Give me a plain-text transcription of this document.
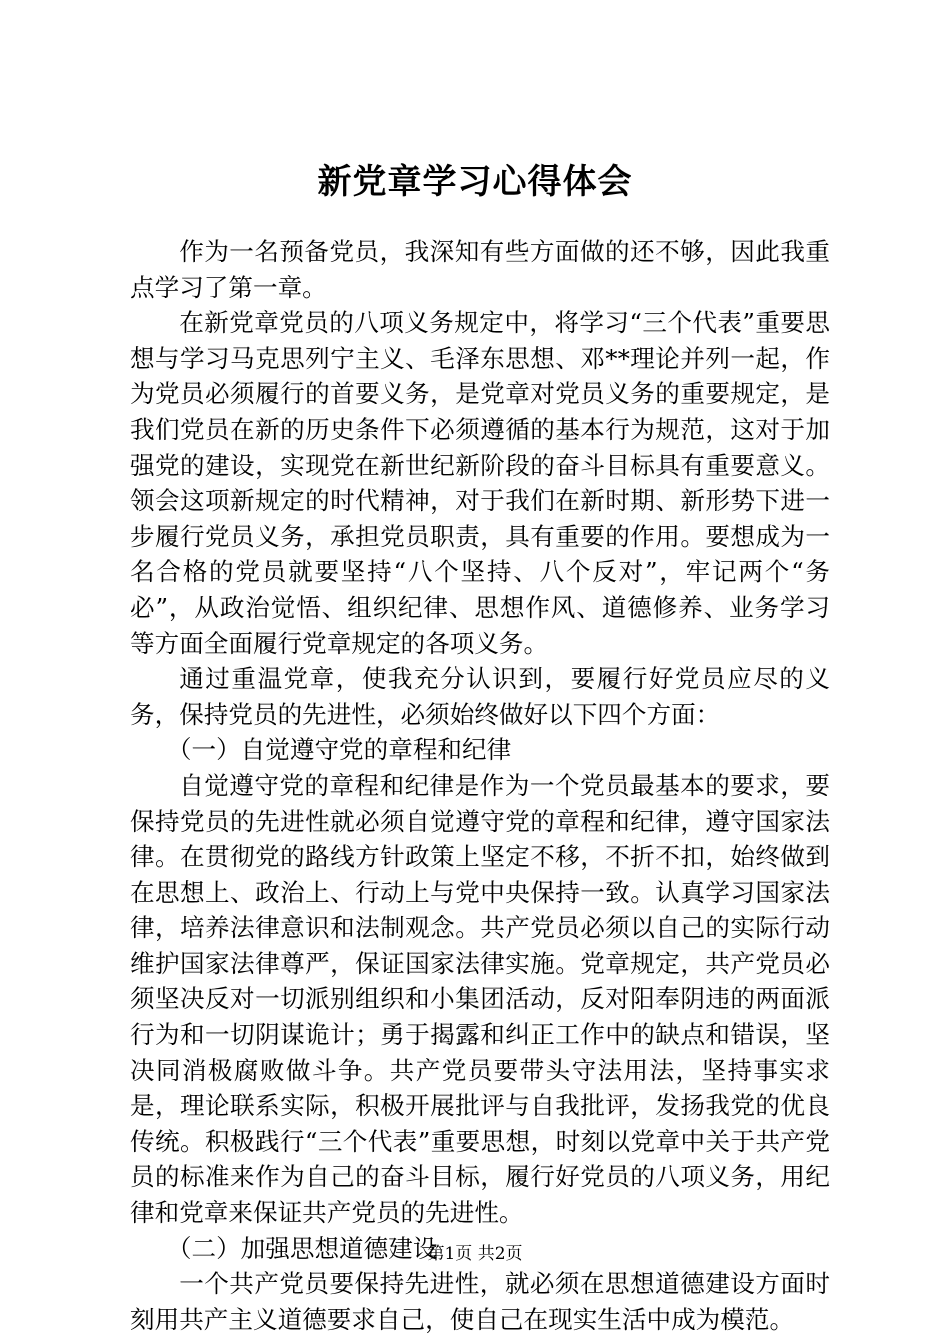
新党章学习心得体会

作为一名预备党员，我深知有些方面做的还不够，因此我重点学习了第一章。

在新党章党员的八项义务规定中，将学习“三个代表”重要思想与学习马克思列宁主义、毛泽东思想、邓**理论并列一起，作为党员必须履行的首要义务，是党章对党员义务的重要规定，是我们党员在新的历史条件下必须遵循的基本行为规范，这对于加强党的建设，实现党在新世纪新阶段的奋斗目标具有重要意义。领会这项新规定的时代精神，对于我们在新时期、新形势下进一步履行党员义务，承担党员职责，具有重要的作用。要想成为一名合格的党员就要坚持“八个坚持、八个反对”，牢记两个“务必”，从政治觉悟、组织纪律、思想作风、道德修养、业务学习等方面全面履行党章规定的各项义务。

通过重温党章，使我充分认识到，要履行好党员应尽的义务，保持党员的先进性，必须始终做好以下四个方面：

（一）自觉遵守党的章程和纪律

自觉遵守党的章程和纪律是作为一个党员最基本的要求，要保持党员的先进性就必须自觉遵守党的章程和纪律，遵守国家法律。在贯彻党的路线方针政策上坚定不移，不折不扣，始终做到在思想上、政治上、行动上与党中央保持一致。认真学习国家法律，培养法律意识和法制观念。共产党员必须以自己的实际行动维护国家法律尊严，保证国家法律实施。党章规定，共产党员必须坚决反对一切派别组织和小集团活动，反对阳奉阴违的两面派行为和一切阴谋诡计；勇于揭露和纠正工作中的缺点和错误，坚决同消极腐败做斗争。共产党员要带头守法用法，坚持事实求是，理论联系实际，积极开展批评与自我批评，发扬我党的优良传统。积极践行“三个代表”重要思想，时刻以党章中关于共产党员的标准来作为自己的奋斗目标，履行好党员的八项义务，用纪律和党章来保证共产党员的先进性。

（二）加强思想道德建设

一个共产党员要保持先进性，就必须在思想道德建设方面时刻用共产主义道德要求自己，使自己在现实生活中成为模范。

第1页 共2页
